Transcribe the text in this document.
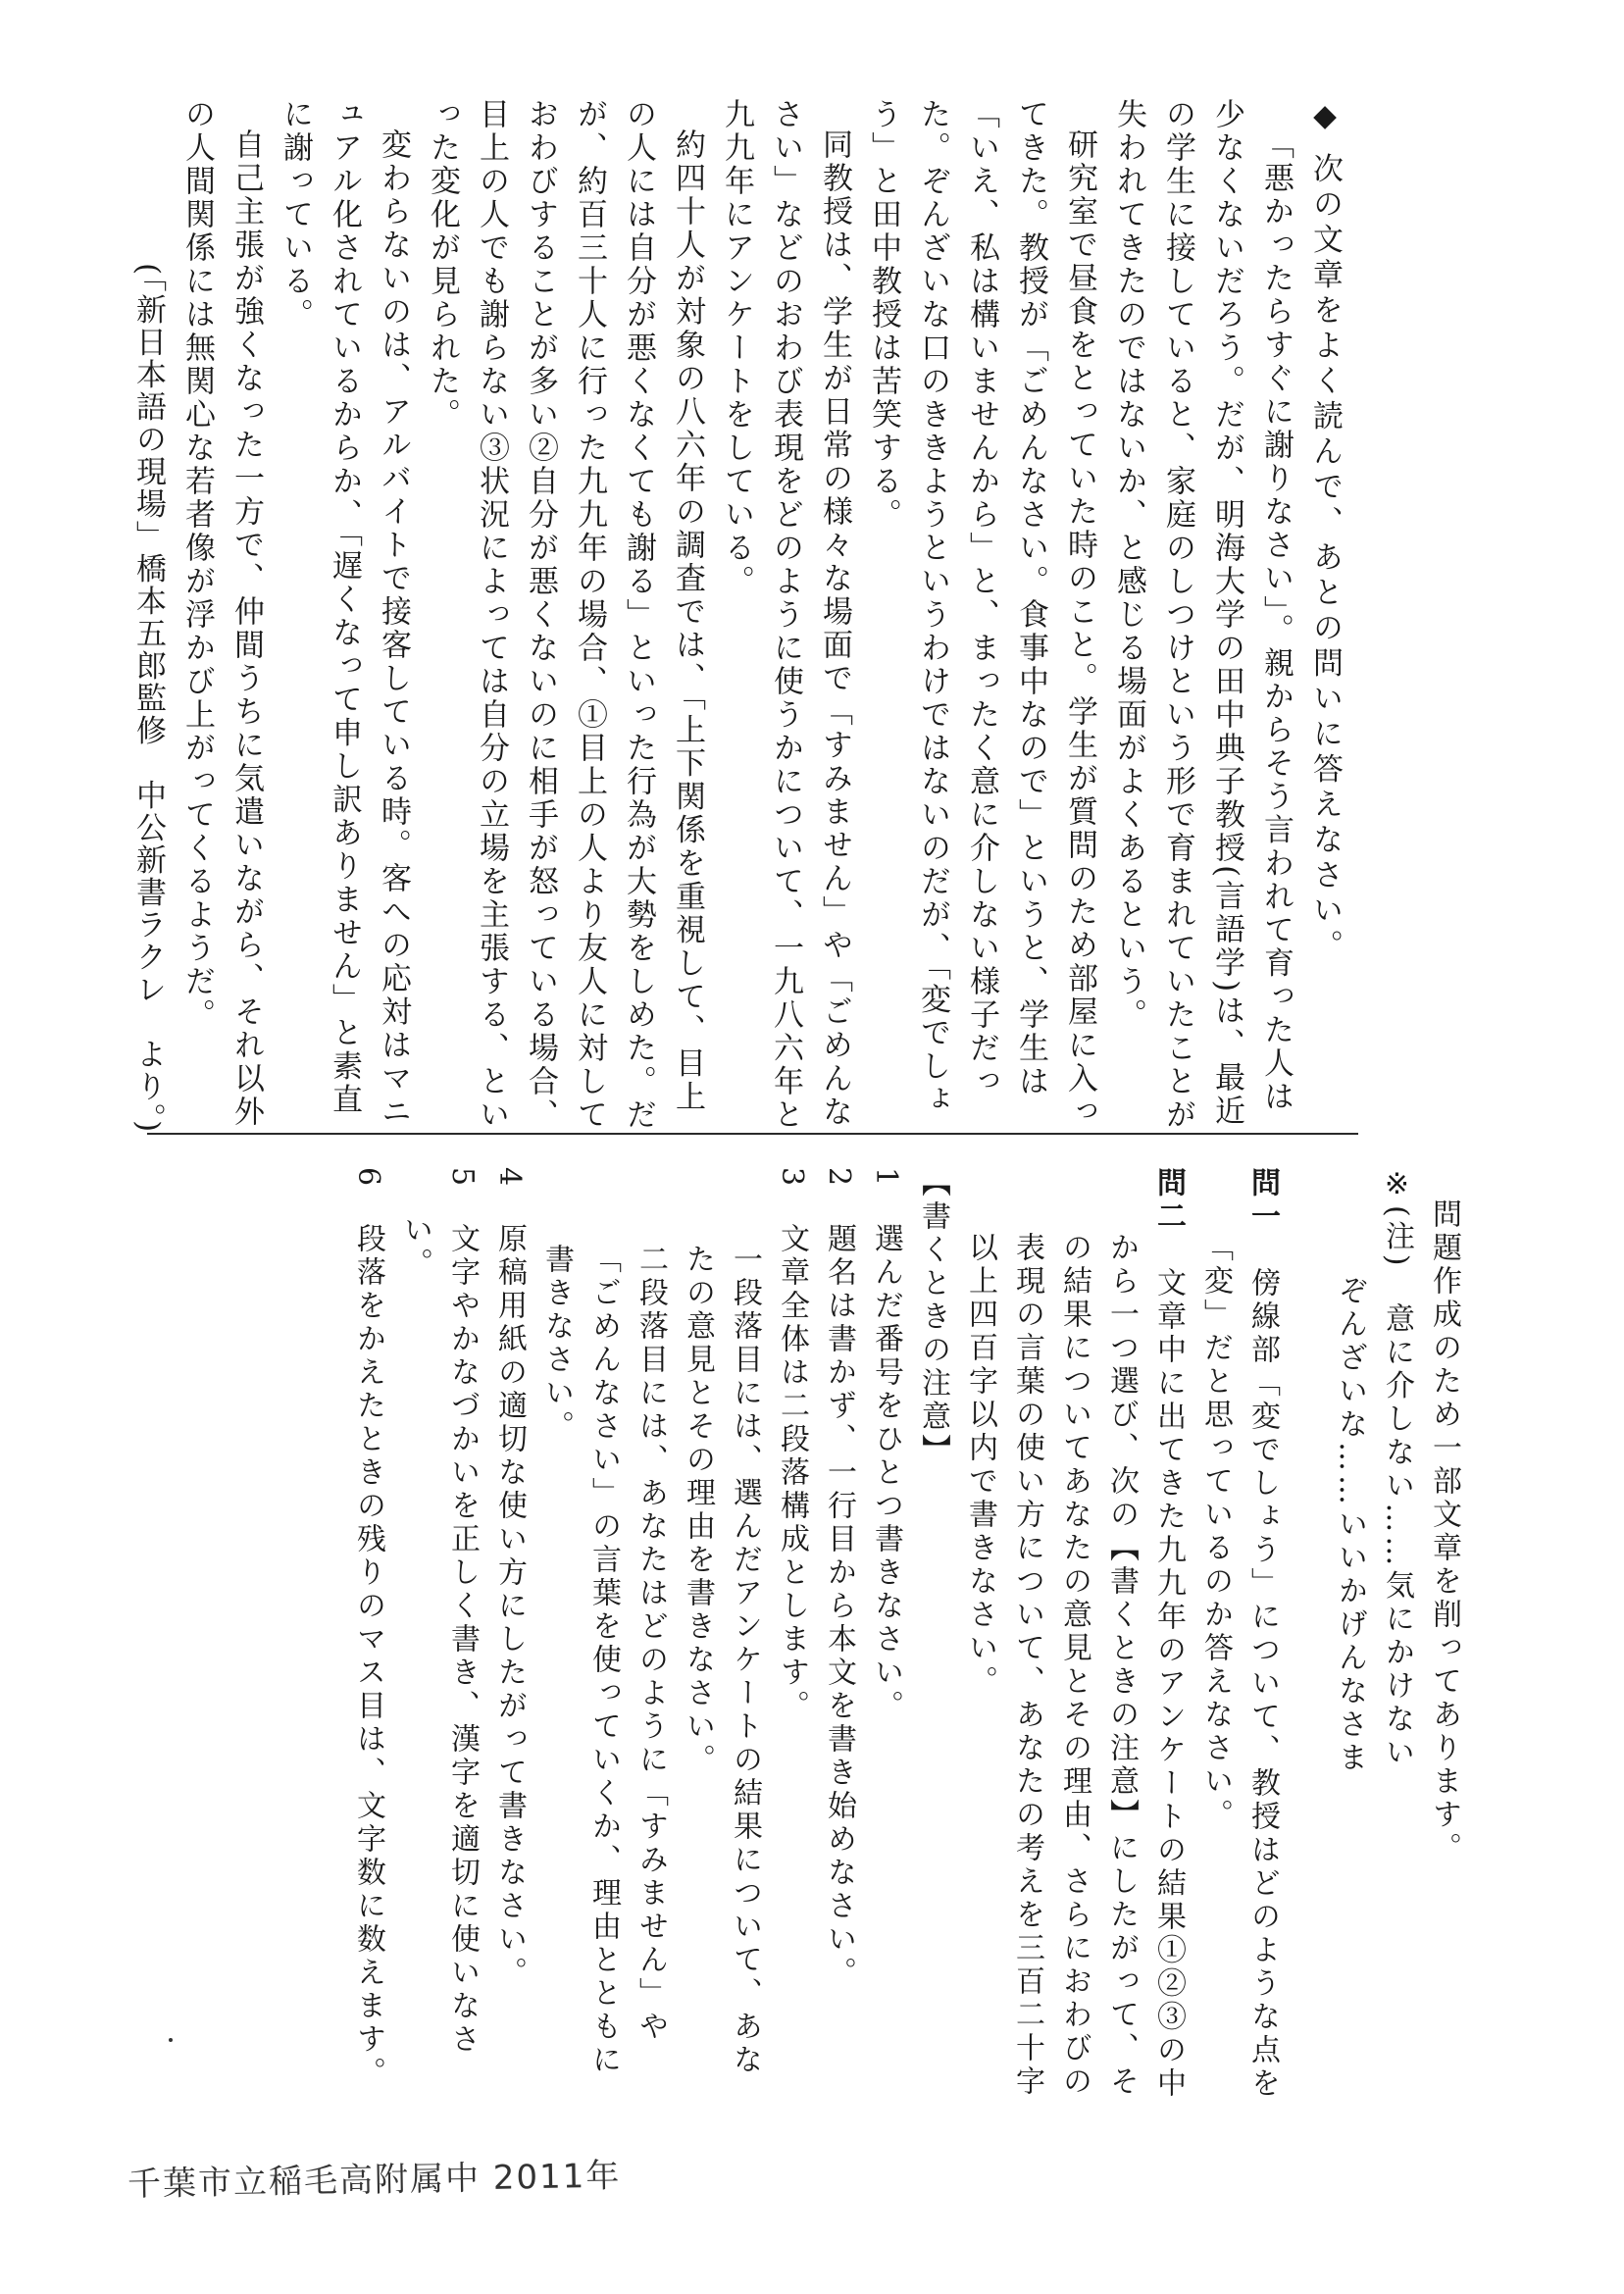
◆ 次の文章をよく読んで、あとの問いに答えなさい。

「悪かったらすぐに謝りなさい」。親からそう言われて育った人は少なくないだろう。だが、明海大学の田中典子教授(言語学)は、最近の学生に接していると、家庭のしつけという形で育まれていたことが失われてきたのではないか、と感じる場面がよくあるという。

研究室で昼食をとっていた時のこと。学生が質問のため部屋に入ってきた。教授が「ごめんなさい。食事中なので」というと、学生は「いえ、私は構いませんから」と、まったく意に介しない様子だった。ぞんざいな口のききようというわけではないのだが、「変でしょう」と田中教授は苦笑する。

同教授は、学生が日常の様々な場面で「すみません」や「ごめんなさい」などのおわび表現をどのように使うかについて、一九八六年と九九年にアンケートをしている。

約四十人が対象の八六年の調査では、「上下関係を重視して、目上の人には自分が悪くなくても謝る」といった行為が大勢をしめた。だが、約百三十人に行った九九年の場合、①目上の人より友人に対しておわびすることが多い②自分が悪くないのに相手が怒っている場合、目上の人でも謝らない③状況によっては自分の立場を主張する、といった変化が見られた。

変わらないのは、アルバイトで接客している時。客への応対はマニュアル化されているからか、「遅くなって申し訳ありません」と素直に謝っている。

自己主張が強くなった一方で、仲間うちに気遣いながら、それ以外の人間関係には無関心な若者像が浮かび上がってくるようだ。

(「新日本語の現場」橋本五郎監修　中公新書ラクレ　より。)

問題作成のため一部文章を削ってあります。

※(注)　意に介しない……気にかけない

ぞんざいな……いいかげんなさま

問一　傍線部「変でしょう」について、教授はどのような点を「変」だと思っているのか答えなさい。

問二　文章中に出てきた九九年のアンケートの結果①②③の中から一つ選び、次の【書くときの注意】にしたがって、その結果についてあなたの意見とその理由、さらにおわびの表現の言葉の使い方について、あなたの考えを三百二十字以上四百字以内で書きなさい。

【書くときの注意】

1　選んだ番号をひとつ書きなさい。

2　題名は書かず、一行目から本文を書き始めなさい。

3　文章全体は二段落構成とします。

一段落目には、選んだアンケートの結果について、あなたの意見とその理由を書きなさい。

二段落目には、あなたはどのように「すみません」や「ごめんなさい」の言葉を使っていくか、理由とともに書きなさい。

4　原稿用紙の適切な使い方にしたがって書きなさい。

5　文字やかなづかいを正しく書き、漢字を適切に使いなさい。

6　段落をかえたときの残りのマス目は、文字数に数えます。

千葉市立稲毛高附属中 2011年
